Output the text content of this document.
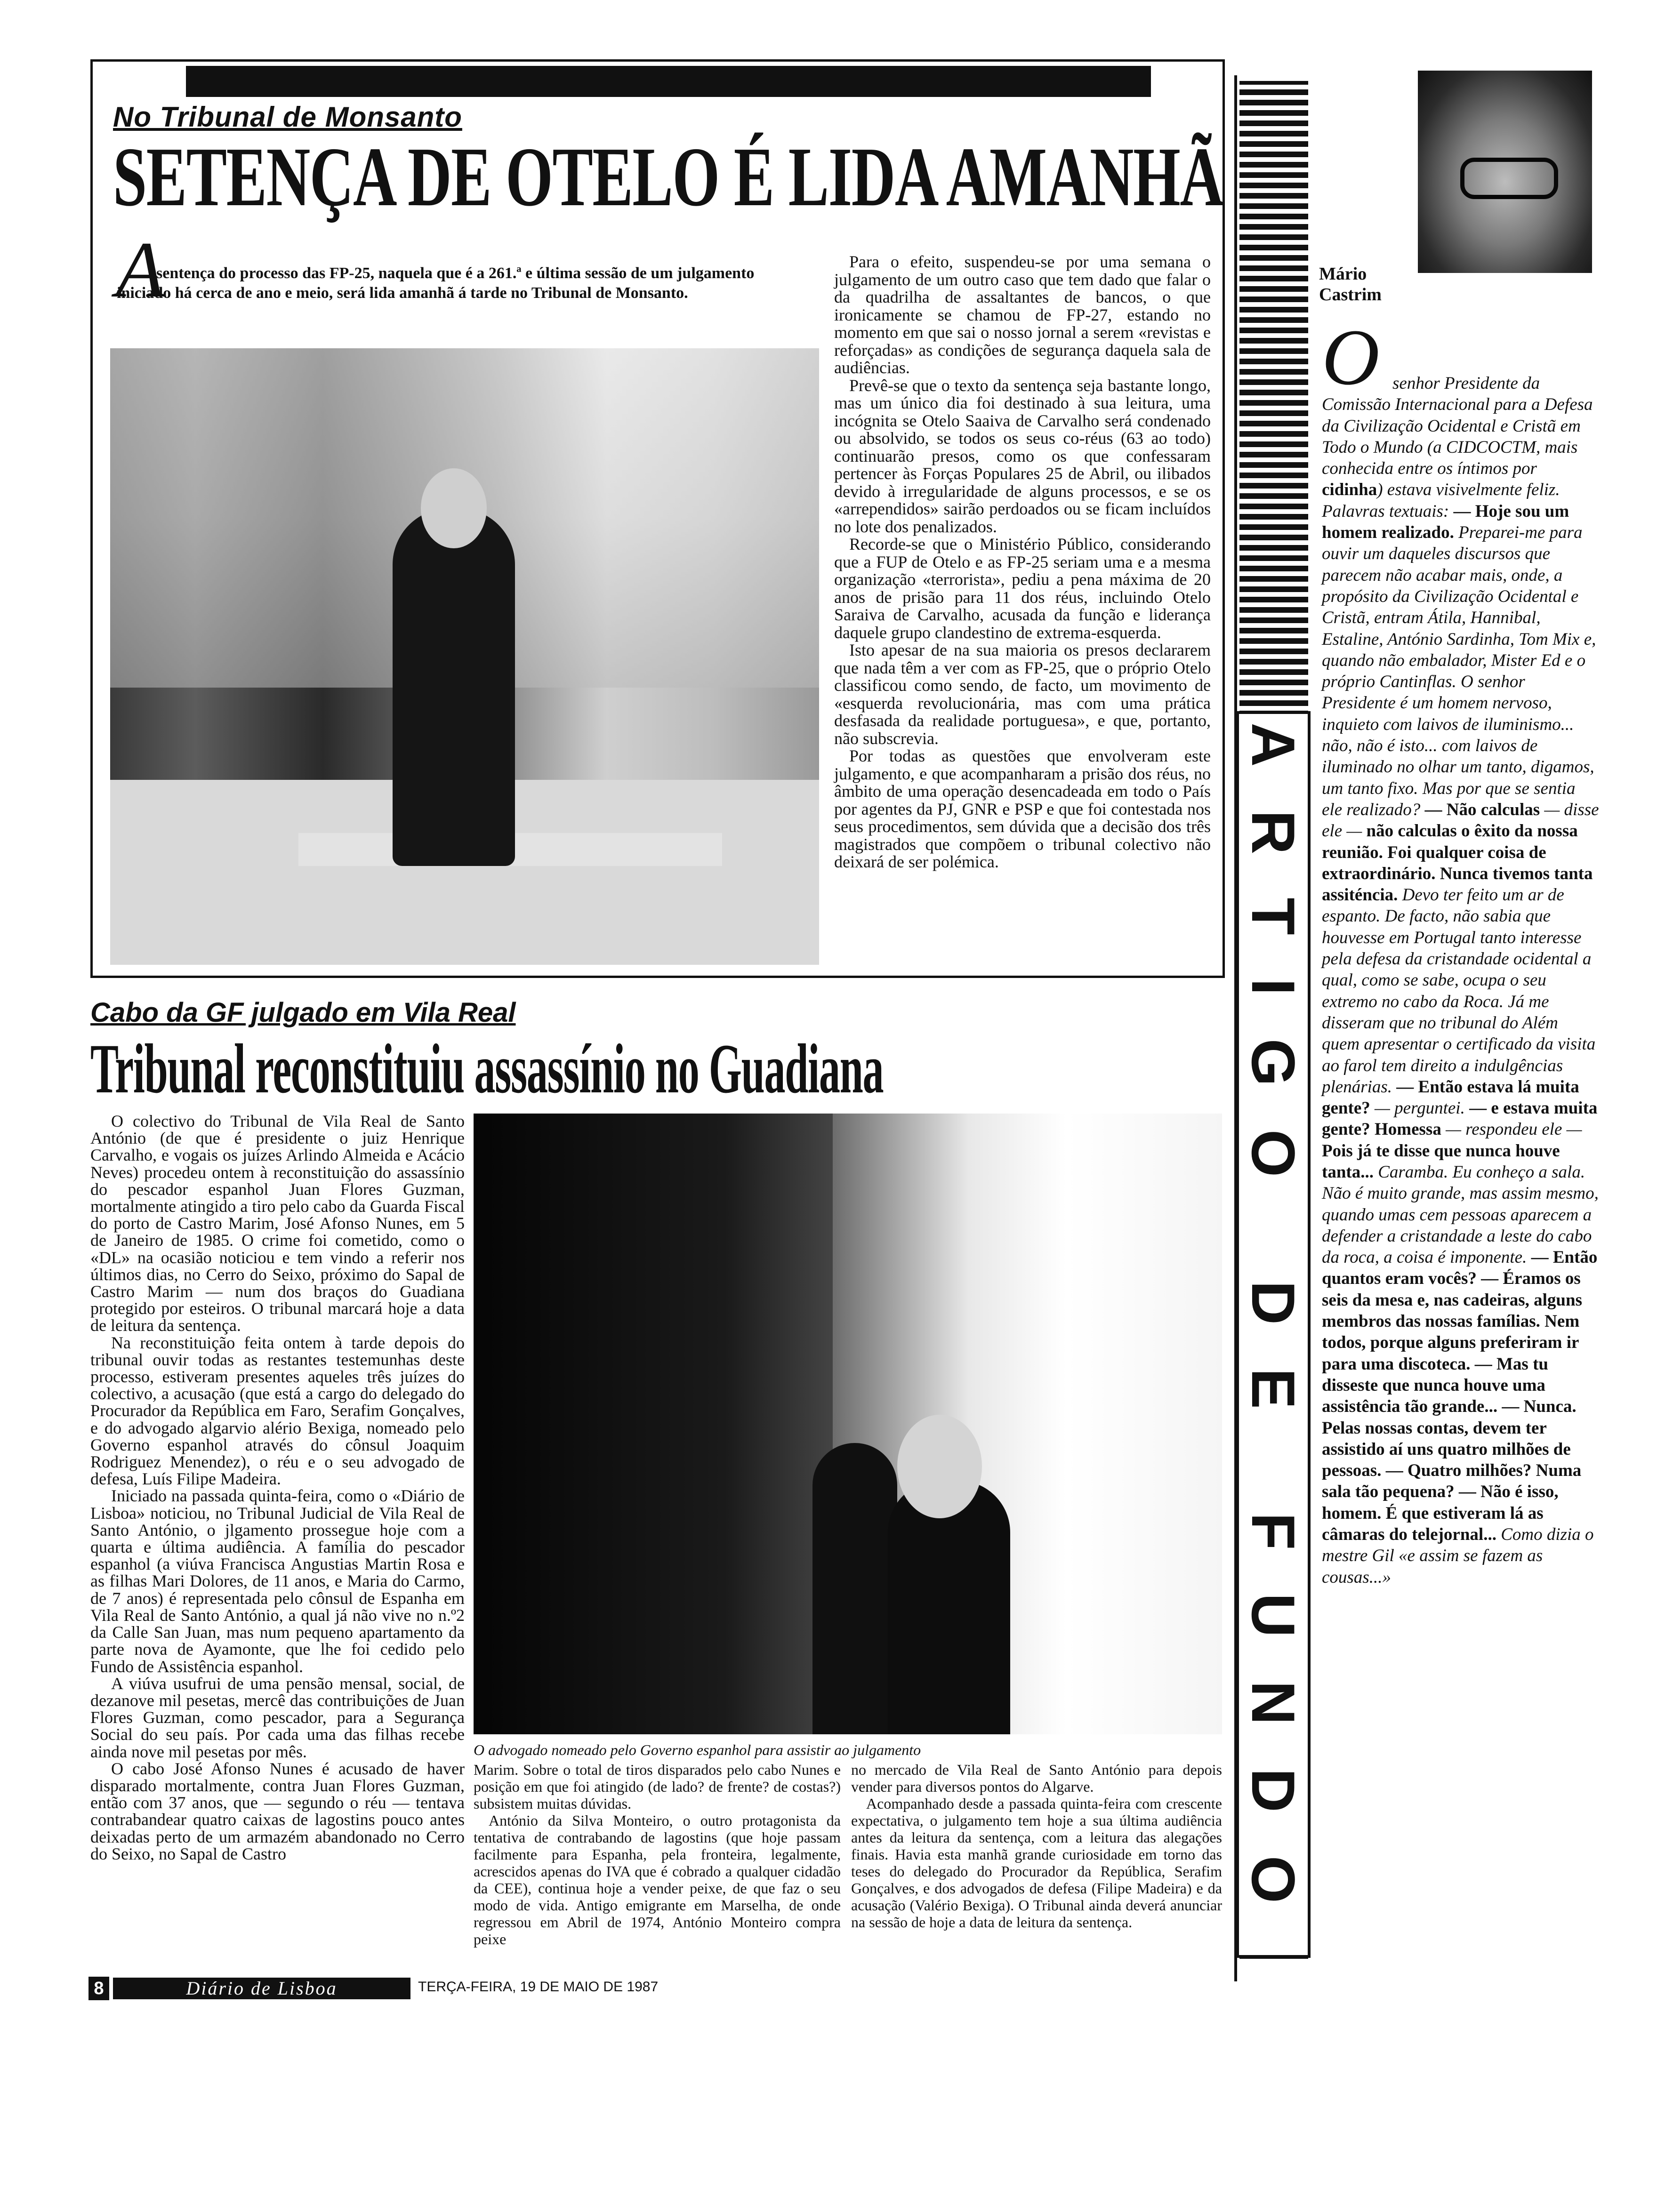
No Tribunal de Monsanto
SETENÇA DE OTELO É LIDA AMANHÃ
A
sentença do processo das FP-25, naquela que é a 261.ª e última sessão de um julgamento iniciado há cerca de ano e meio, será lida amanhã á tarde no Tribunal de Monsanto.

Para o efeito, suspendeu-se por uma semana o julgamento de um outro caso que tem dado que falar o da quadrilha de assaltantes de bancos, o que ironicamente se chamou de FP-27, estando no momento em que sai o nosso jornal a serem «revistas e reforçadas» as condições de segurança daquela sala de audiências.

Prevê-se que o texto da sentença seja bastante longo, mas um único dia foi destinado à sua leitura, uma incógnita se Otelo Saaiva de Carvalho será condenado ou absolvido, se todos os seus co-réus (63 ao todo) continuarão presos, como os que confessaram pertencer às Forças Populares 25 de Abril, ou ilibados devido à irregularidade de alguns processos, e se os «arrependidos» sairão perdoados ou se ficam incluídos no lote dos penalizados.

Recorde-se que o Ministério Público, considerando que a FUP de Otelo e as FP-25 seriam uma e a mesma organização «terrorista», pediu a pena máxima de 20 anos de prisão para 11 dos réus, incluindo Otelo Saraiva de Carvalho, acusada da função e liderança daquele grupo clandestino de extrema-esquerda.

Isto apesar de na sua maioria os presos declararem que nada têm a ver com as FP-25, que o próprio Otelo classificou como sendo, de facto, um movimento de «esquerda revolucionária, mas com uma prática desfasada da realidade portuguesa», e que, portanto, não subscrevia.

Por todas as questões que envolveram este julgamento, e que acompanharam a prisão dos réus, no âmbito de uma operação desencadeada em todo o País por agentes da PJ, GNR e PSP e que foi contestada nos seus procedimentos, sem dúvida que a decisão dos três magistrados que compõem o tribunal colectivo não deixará de ser polémica.

Cabo da GF julgado em Vila Real
Tribunal reconstituiu assassínio no Guadiana

O colectivo do Tribunal de Vila Real de Santo António (de que é presidente o juiz Henrique Carvalho, e vogais os juízes Arlindo Almeida e Acácio Neves) procedeu ontem à reconstituição do assassínio do pescador espanhol Juan Flores Guzman, mortalmente atingido a tiro pelo cabo da Guarda Fiscal do porto de Castro Marim, José Afonso Nunes, em 5 de Janeiro de 1985. O crime foi cometido, como o «DL» na ocasião noticiou e tem vindo a referir nos últimos dias, no Cerro do Seixo, próximo do Sapal de Castro Marim — num dos braços do Guadiana protegido por esteiros. O tribunal marcará hoje a data de leitura da sentença.

Na reconstituição feita ontem à tarde depois do tribunal ouvir todas as restantes testemunhas deste processo, estiveram presentes aqueles três juízes do colectivo, a acusação (que está a cargo do delegado do Procurador da República em Faro, Serafim Gonçalves, e do advogado algarvio alério Bexiga, nomeado pelo Governo espanhol através do cônsul Joaquim Rodriguez Menendez), o réu e o seu advogado de defesa, Luís Filipe Madeira.

Iniciado na passada quinta-feira, como o «Diário de Lisboa» noticiou, no Tribunal Judicial de Vila Real de Santo António, o jlgamento prossegue hoje com a quarta e última audiência. A família do pescador espanhol (a viúva Francisca Angustias Martin Rosa e as filhas Mari Dolores, de 11 anos, e Maria do Carmo, de 7 anos) é representada pelo cônsul de Espanha em Vila Real de Santo António, a qual já não vive no n.º2 da Calle San Juan, mas num pequeno apartamento da parte nova de Ayamonte, que lhe foi cedido pelo Fundo de Assistência espanhol.

A viúva usufrui de uma pensão mensal, social, de dezanove mil pesetas, mercê das contribuições de Juan Flores Guzman, como pescador, para a Segurança Social do seu país. Por cada uma das filhas recebe ainda nove mil pesetas por mês.

O cabo José Afonso Nunes é acusado de haver disparado mortalmente, contra Juan Flores Guzman, então com 37 anos, que — segundo o réu — tentava contrabandear quatro caixas de lagostins pouco antes deixadas perto de um armazém abandonado no Cerro do Seixo, no Sapal de Castro

O advogado nomeado pelo Governo espanhol para assistir ao julgamento

Marim. Sobre o total de tiros disparados pelo cabo Nunes e posição em que foi atingido (de lado? de frente? de costas?) subsistem muitas dúvidas.

António da Silva Monteiro, o outro protagonista da tentativa de contrabando de lagostins (que hoje passam facilmente para Espanha, pela fronteira, legalmente, acrescidos apenas do IVA que é cobrado a qualquer cidadão da CEE), continua hoje a vender peixe, de que faz o seu modo de vida. Antigo emigrante em Marselha, de onde regressou em Abril de 1974, António Monteiro compra peixe

no mercado de Vila Real de Santo António para depois vender para diversos pontos do Algarve.

Acompanhado desde a passada quinta-feira com crescente expectativa, o julgamento tem hoje a sua última audiência antes da leitura da sentença, com a leitura das alegações finais. Havia esta manhã grande curiosidade em torno das teses do delegado do Procurador da República, Serafim Gonçalves, e dos advogados de defesa (Filipe Madeira) e da acusação (Valério Bexiga). O Tribunal ainda deverá anunciar na sessão de hoje a data de leitura da sentença.

8	Diário de Lisboa	TERÇA-FEIRA, 19 DE MAIO DE 1987
ARTIGO DE FUNDO
Mário Castrim
O senhor Presidente da Comissão Internacional para a Defesa da Civilização Ocidental e Cristã em Todo o Mundo (a CIDCOCTM, mais conhecida entre os íntimos por cidinha) estava visivelmente feliz. Palavras textuais: — Hoje sou um homem realizado. Preparei-me para ouvir um daqueles discursos que parecem não acabar mais, onde, a propósito da Civilização Ocidental e Cristã, entram Átila, Hannibal, Estaline, António Sardinha, Tom Mix e, quando não embalador, Mister Ed e o próprio Cantinflas. O senhor Presidente é um homem nervoso, inquieto com laivos de iluminismo... não, não é isto... com laivos de iluminado no olhar um tanto, digamos, um tanto fixo. Mas por que se sentia ele realizado? — Não calculas — disse ele — não calculas o êxito da nossa reunião. Foi qualquer coisa de extraordinário. Nunca tivemos tanta assiténcia. Devo ter feito um ar de espanto. De facto, não sabia que houvesse em Portugal tanto interesse pela defesa da cristandade ocidental a qual, como se sabe, ocupa o seu extremo no cabo da Roca. Já me disseram que no tribunal do Além quem apresentar o certificado da visita ao farol tem direito a indulgências plenárias. — Então estava lá muita gente? — perguntei. — e estava muita gente? Homessa — respondeu ele — Pois já te disse que nunca houve tanta... Caramba. Eu conheço a sala. Não é muito grande, mas assim mesmo, quando umas cem pessoas aparecem a defender a cristandade a leste do cabo da roca, a coisa é imponente. — Então quantos eram vocês? — Éramos os seis da mesa e, nas cadeiras, alguns membros das nossas famílias. Nem todos, porque alguns preferiram ir para uma discoteca. — Mas tu disseste que nunca houve uma assistência tão grande... — Nunca. Pelas nossas contas, devem ter assistido aí uns quatro milhões de pessoas. — Quatro milhões? Numa sala tão pequena? — Não é isso, homem. É que estiveram lá as câmaras do telejornal... Como dizia o mestre Gil «e assim se fazem as cousas...»
